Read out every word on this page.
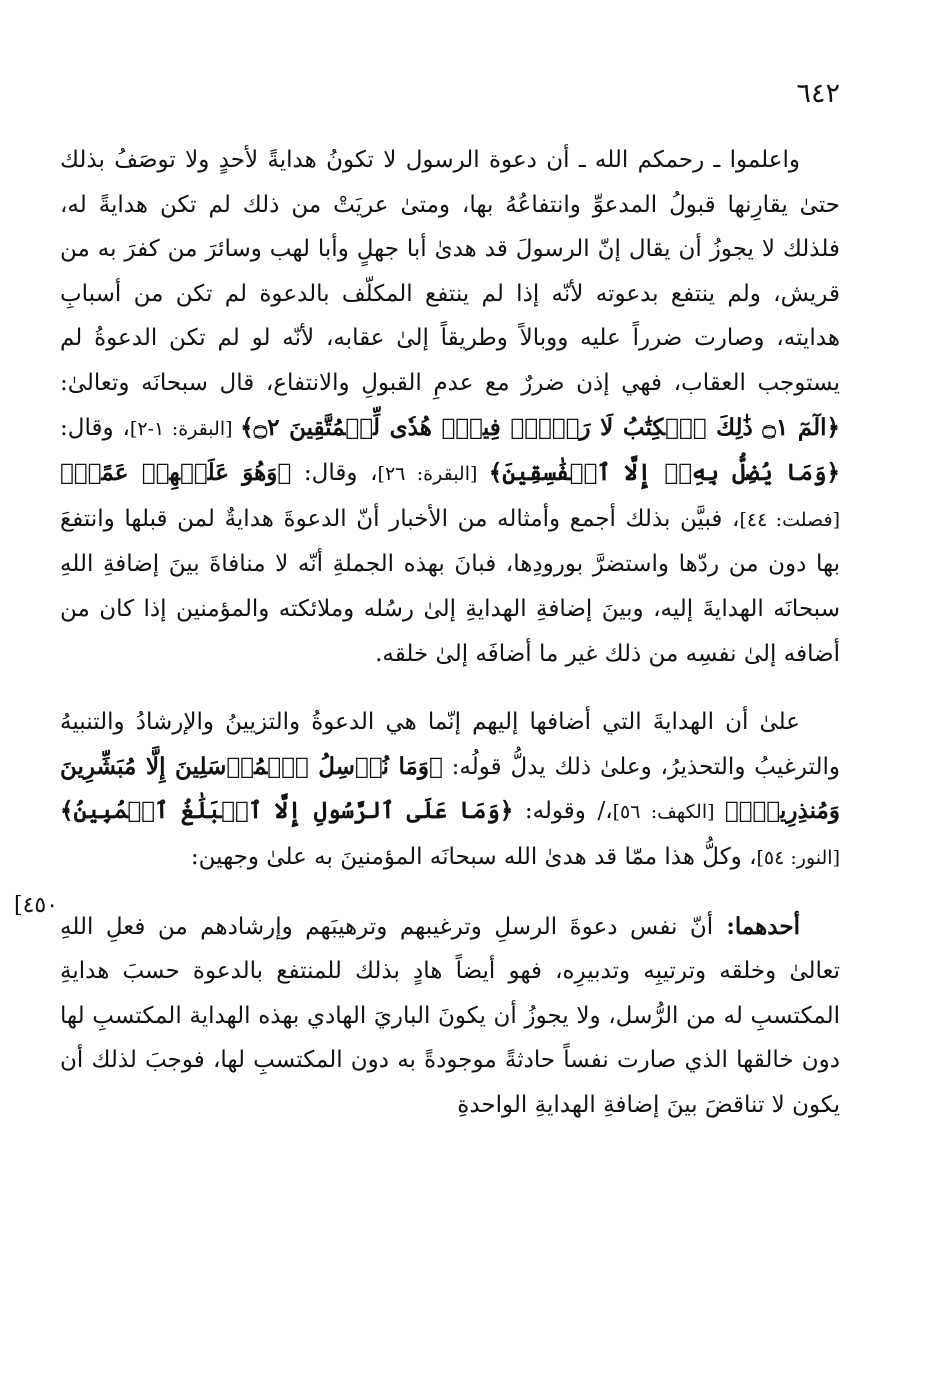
٦٤٢
[٤٥٠

واعلموا ـ رحمكم الله ـ أن دعوة الرسول لا تكونُ هدايةً لأحدٍ ولا توصَفُ بذلك حتىٰ يقارِنها قبولُ المدعوِّ وانتفاعُهُ بها، ومتىٰ عريَتْ من ذلك لم تكن هدايةً له، فلذلك لا يجوزُ أن يقال إنّ الرسولَ قد هدىٰ أبا جهلٍ وأبا لهب وسائرَ من كفرَ به من قريش، ولم ينتفع بدعوته لأنّه إذا لم ينتفع المكلّف بالدعوة لم تكن من أسبابِ هدايته، وصارت ضرراً عليه ووبالاً وطريقاً إلىٰ عقابه، لأنّه لو لم تكن الدعوةُ لم يستوجب العقاب، فهي إذن ضررٌ مع عدمِ القبولِ والانتفاع، قال سبحانَه وتعالىٰ: ﴿الٓمٓ ۝١ ذَٰلِكَ ٱلۡكِتَٰبُ لَا رَيۡبَۛ فِيهِۛ هُدٗى لِّلۡمُتَّقِينَ ۝٢﴾ [البقرة: ١-٢]، وقال: ﴿وَمَا يُضِلُّ بِهِۦٓ إِلَّا ٱلۡفَٰسِقِينَ﴾ [البقرة: ٢٦]، وقال: ﴿وَهُوَ عَلَيۡهِمۡ عَمًىۚ﴾ [فصلت: ٤٤]، فبيَّن بذلك أجمع وأمثاله من الأخبار أنّ الدعوةَ هدايةٌ لمن قبلها وانتفعَ بها دون من ردّها واستضرَّ بورودِها، فبانَ بهذه الجملةِ أنّه لا منافاةَ بينَ إضافةِ اللهِ سبحانَه الهدايةَ إليه، وبينَ إضافةِ الهدايةِ إلىٰ رسُله وملائكته والمؤمنين إذا كان من أضافه إلىٰ نفسِه من ذلك غير ما أضافَه إلىٰ خلقه.

علىٰ أن الهدايةَ التي أضافها إليهم إنّما هي الدعوةُ والتزيينُ والإرشادُ والتنبيهُ والترغيبُ والتحذيرُ، وعلىٰ ذلك يدلُّ قولُه: ﴿وَمَا نُرۡسِلُ ٱلۡمُرۡسَلِينَ إِلَّا مُبَشِّرِينَ وَمُنذِرِينَۚ﴾ [الكهف: ٥٦]،/ وقوله: ﴿وَمَا عَلَى ٱلرَّسُولِ إِلَّا ٱلۡبَلَٰغُ ٱلۡمُبِينُ﴾ [النور: ٥٤]، وكلُّ هذا ممّا قد هدىٰ الله سبحانَه المؤمنينَ به علىٰ وجهين:

أحدهما: أنّ نفس دعوةَ الرسلِ وترغيبهم وترهيبَهم وإرشادهم من فعلِ اللهِ تعالىٰ وخلقه وترتيبِه وتدبيرِه، فهو أيضاً هادٍ بذلك للمنتفع بالدعوة حسبَ هدايةِ المكتسبِ له من الرُّسل، ولا يجوزُ أن يكونَ الباريَ الهادي بهذه الهداية المكتسبِ لها دون خالقها الذي صارت نفساً حادثةً موجودةً به دون المكتسبِ لها، فوجبَ لذلك أن يكون لا تناقضَ بينَ إضافةِ الهدايةِ الواحدةِ
